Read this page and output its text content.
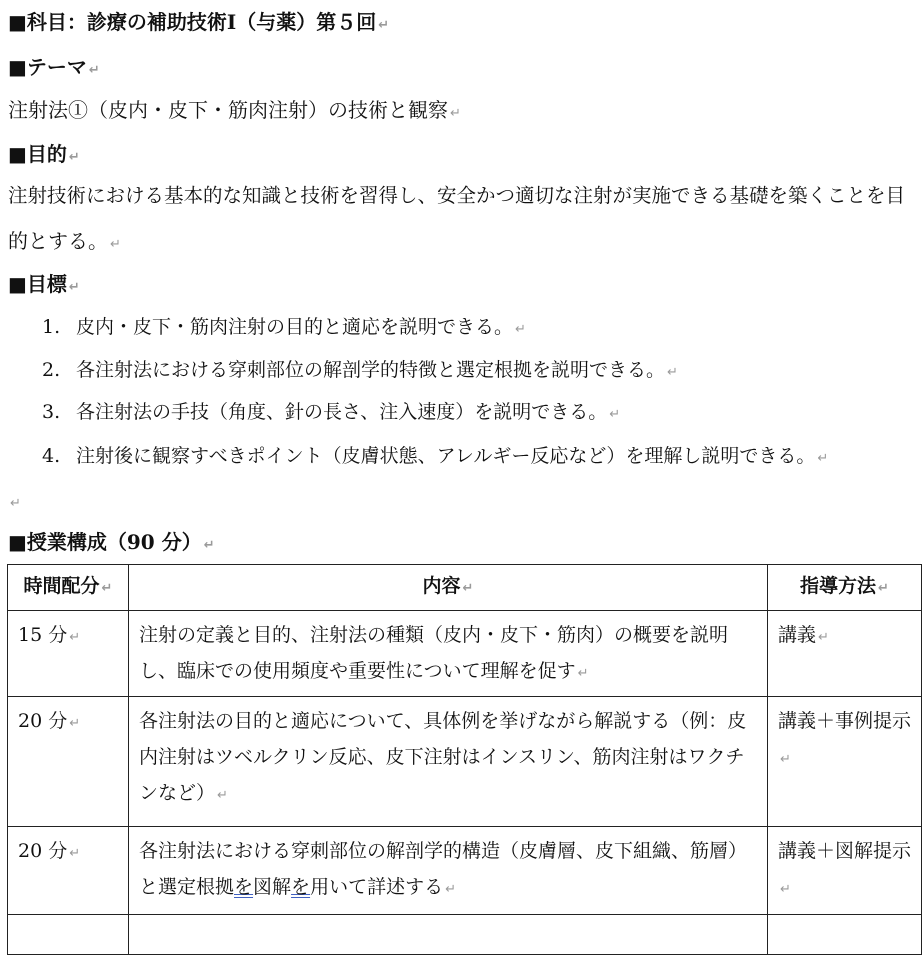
■科目：診療の補助技術Ⅰ（与薬）第５回 ↵
■テーマ ↵
注射法①（皮内・皮下・筋肉注射）の技術と観察 ↵
■目的 ↵
注射技術における基本的な知識と技術を習得し、安全かつ適切な注射が実施できる基礎を築くことを目
的とする。 ↵
■目標 ↵
1. 皮内・皮下・筋肉注射の目的と適応を説明できる。 ↵
2. 各注射法における穿刺部位の解剖学的特徴と選定根拠を説明できる。 ↵
3. 各注射法の手技（角度、針の長さ、注入速度）を説明できる。 ↵
4. 注射後に観察すべきポイント（皮膚状態、アレルギー反応など）を理解し説明できる。 ↵
↵
■授業構成（90 分） ↵
時間配分 ↵	内容 ↵	指導方法 ↵
15 分 ↵	注射の定義と目的、注射法の種類（皮内・皮下・筋肉）の概要を説明し、臨床での使用頻度や重要性について理解を促す ↵	講義 ↵
20 分 ↵	各注射法の目的と適応について、具体例を挙げながら解説する（例：皮内注射はツベルクリン反応、皮下注射はインスリン、筋肉注射はワクチンなど） ↵	講義＋事例提示↵
20 分 ↵	各注射法における穿刺部位の解剖学的構造（皮膚層、皮下組織、筋層）と選定根拠を図解を用いて詳述する ↵	講義＋図解提示↵
